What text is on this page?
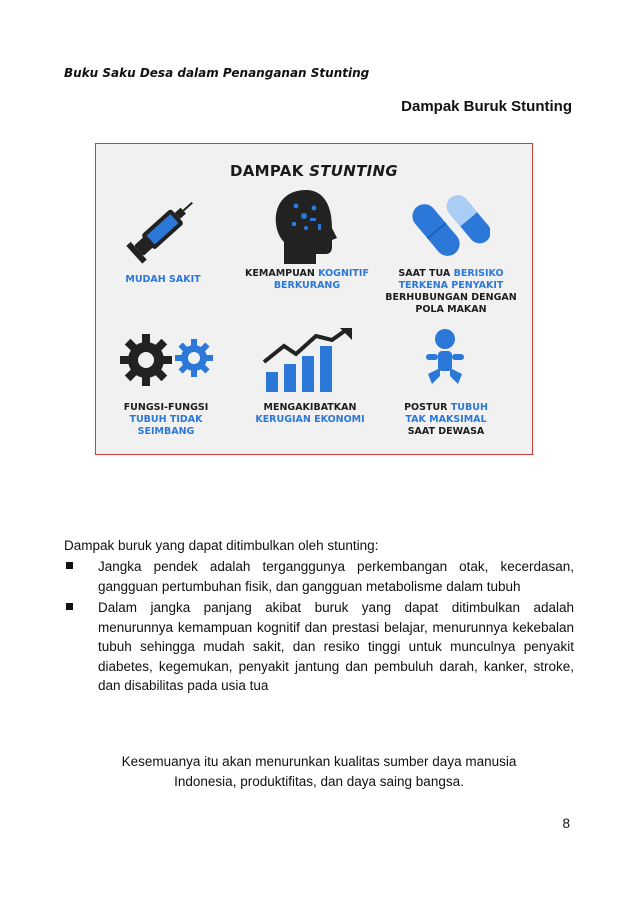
Buku Saku Desa dalam Penanganan Stunting
Dampak Buruk Stunting
DAMPAK STUNTING
MUDAH SAKIT
KEMAMPUAN KOGNITIF
BERKURANG
SAAT TUA BERISIKO
TERKENA PENYAKIT
BERHUBUNGAN DENGAN
POLA MAKAN
FUNGSI-FUNGSI
TUBUH TIDAK
SEIMBANG
MENGAKIBATKAN
KERUGIAN EKONOMI
POSTUR TUBUH
TAK MAKSIMAL
SAAT DEWASA
Dampak buruk yang dapat ditimbulkan oleh stunting:
Jangka pendek adalah terganggunya perkembangan otak, kecerdasan, gangguan pertumbuhan fisik, dan gangguan metabolisme dalam tubuh
Dalam jangka panjang akibat buruk yang dapat ditimbulkan adalah menurunnya kemampuan kognitif dan prestasi belajar, menurunnya kekebalan tubuh sehingga mudah sakit, dan resiko tinggi untuk munculnya penyakit diabetes, kegemukan, penyakit jantung dan pembuluh darah, kanker, stroke, dan disabilitas pada usia tua
Kesemuanya itu akan menurunkan kualitas sumber daya manusia
Indonesia, produktifitas, dan daya saing bangsa.
8
